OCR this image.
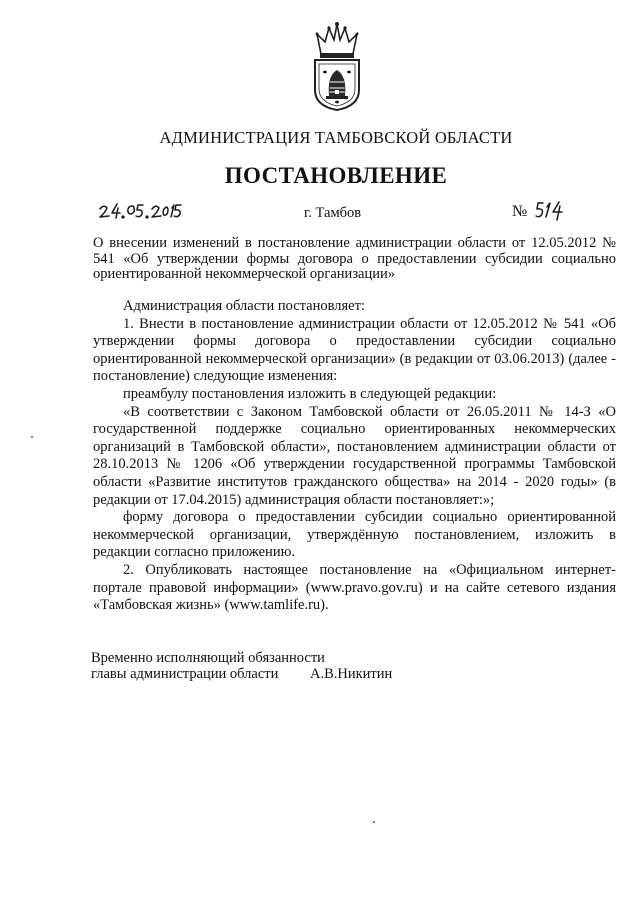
АДМИНИСТРАЦИЯ ТАМБОВСКОЙ ОБЛАСТИ
ПОСТАНОВЛЕНИЕ
г. Тамбов	№
О внесении изменений в постановление администрации области от 12.05.2012 № 541 «Об утверждении формы договора о предоставлении субсидии социально ориентированной некоммерческой организации»

Администрация области постановляет:

1. Внести в постановление администрации области от 12.05.2012 № 541 «Об утверждении формы договора о предоставлении субсидии социально ориентированной некоммерческой организации» (в редакции от 03.06.2013) (далее - постановление) следующие изменения:

преамбулу постановления изложить в следующей редакции:

«В соответствии с Законом Тамбовской области от 26.05.2011 № 14-З «О государственной поддержке социально ориентированных некоммерческих организаций в Тамбовской области», постановлением администрации области от 28.10.2013 № 1206 «Об утверждении государственной программы Тамбовской области «Развитие институтов гражданского общества» на 2014 - 2020 годы» (в редакции от 17.04.2015) администрация области постановляет:»;

форму договора о предоставлении субсидии социально ориентированной некоммерческой организации, утверждённую постановлением, изложить в редакции согласно приложению.

2. Опубликовать настоящее постановление на «Официальном интернет-портале правовой информации» (www.pravo.gov.ru) и на сайте сетевого издания «Тамбовская жизнь» (www.tamlife.ru).

Временно исполняющий обязанности
главы администрации области А.В.Никитин
